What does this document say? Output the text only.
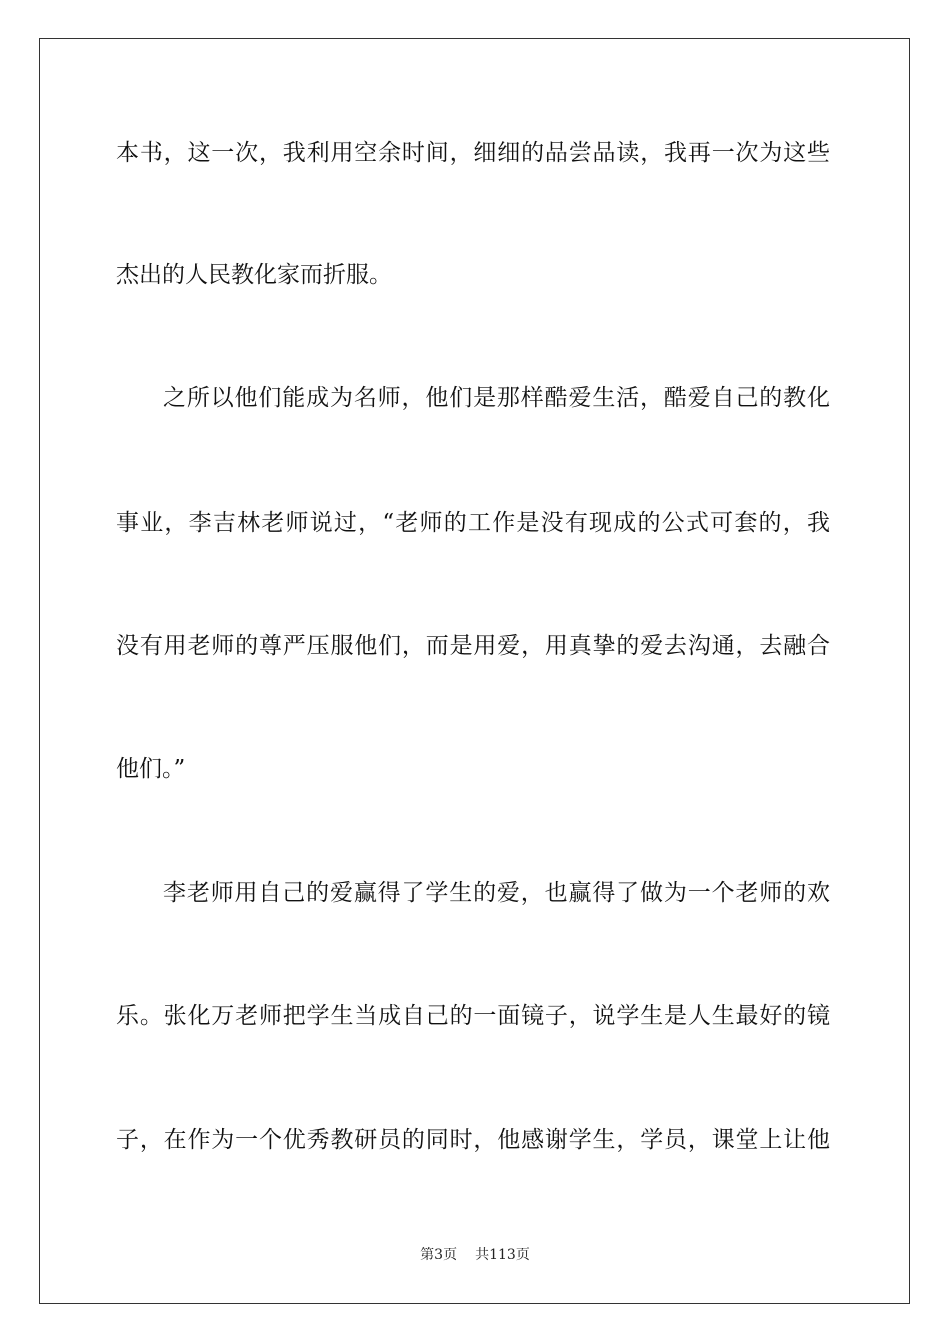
本书，这一次，我利用空余时间，细细的品尝品读，我再一次为这些
杰出的人民教化家而折服。
之所以他们能成为名师，他们是那样酷爱生活，酷爱自己的教化
事业，李吉林老师说过，“老师的工作是没有现成的公式可套的，我
没有用老师的尊严压服他们，而是用爱，用真挚的爱去沟通，去融合
他们。”
李老师用自己的爱赢得了学生的爱，也赢得了做为一个老师的欢
乐。张化万老师把学生当成自己的一面镜子，说学生是人生最好的镜
子，在作为一个优秀教研员的同时，他感谢学生，学员，课堂上让他
第3页 共113页
